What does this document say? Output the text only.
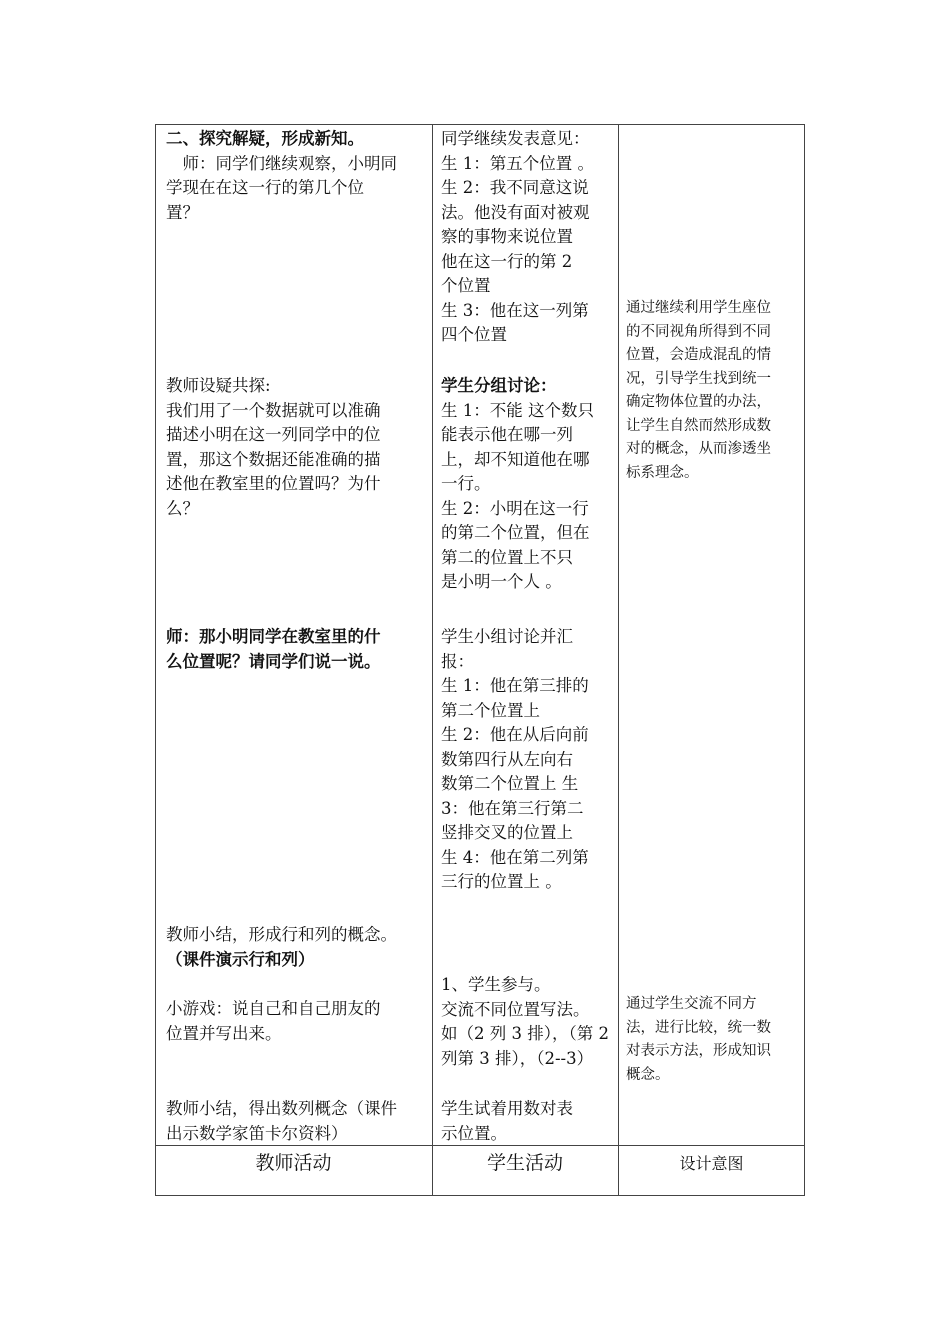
二、探究解疑，形成新知。
　师：同学们继续观察，小明同
学现在在这一行的第几个位
置？
教师设疑共探:
我们用了一个数据就可以准确
描述小明在这一列同学中的位
置，那这个数据还能准确的描
述他在教室里的位置吗？为什
么？
师：那小明同学在教室里的什
么位置呢？请同学们说一说。
教师小结，形成行和列的概念。
（课件演示行和列）
小游戏：说自己和自己朋友的
位置并写出来。
教师小结，得出数列概念（课件
出示数学家笛卡尔资料）
同学继续发表意见：
生 1：第五个位置 。
生 2：我不同意这说
法。他没有面对被观
察的事物来说位置
他在这一行的第 2
个位置
生 3：他在这一列第
四个位置
学生分组讨论：
生 1：不能 这个数只
能表示他在哪一列
上，却不知道他在哪
一行。
生 2：小明在这一行
的第二个位置，但在
第二的位置上不只
是小明一个人 。
学生小组讨论并汇
报：
生 1：他在第三排的
第二个位置上
生 2：他在从后向前
数第四行从左向右
数第二个位置上 生
3：他在第三行第二
竖排交叉的位置上
生 4：他在第二列第
三行的位置上 。
1、学生参与。
交流不同位置写法。
如（2 列 3 排），（第 2
列第 3 排），（2--3）
学生试着用数对表
示位置。
通过继续利用学生座位
的不同视角所得到不同
位置，会造成混乱的情
况，引导学生找到统一
确定物体位置的办法，
让学生自然而然形成数
对的概念，从而渗透坐
标系理念。
通过学生交流不同方
法，进行比较，统一数
对表示方法，形成知识
概念。
教师活动	学生活动	设计意图
